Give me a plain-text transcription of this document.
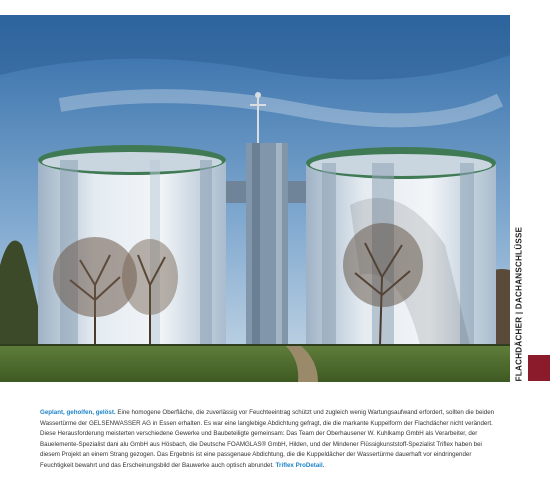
FLACHDÄCHER | DACHANSCHLÜSSE
Geplant, geholfen, gelöst. Eine homogene Oberfläche, die zuverlässig vor Feuchteeintrag schützt und zugleich wenig Wartungsaufwand erfordert, sollten die beiden Wassertürme der GELSENWASSER AG in Essen erhalten. Es war eine langlebige Abdichtung gefragt, die die markante Kuppelform der Flachdächer nicht verändert. Diese Herausforderung meisterten verschiedene Gewerke und Baubeteiligte gemeinsam: Das Team der Oberhausener W. Kuhlkamp GmbH als Verarbeiter, der Bauelemente-Spezialist dani alu GmbH aus Hösbach, die Deutsche FOAMGLAS® GmbH, Hilden, und der Mindener Flüssigkunststoff-Spezialist Triflex haben bei diesem Projekt an einem Strang gezogen. Das Ergebnis ist eine passgenaue Abdichtung, die die Kuppeldächer der Wassertürme dauerhaft vor eindringender Feuchtigkeit bewahrt und das Erscheinungsbild der Bauwerke auch optisch abrundet. Triflex ProDetail.
